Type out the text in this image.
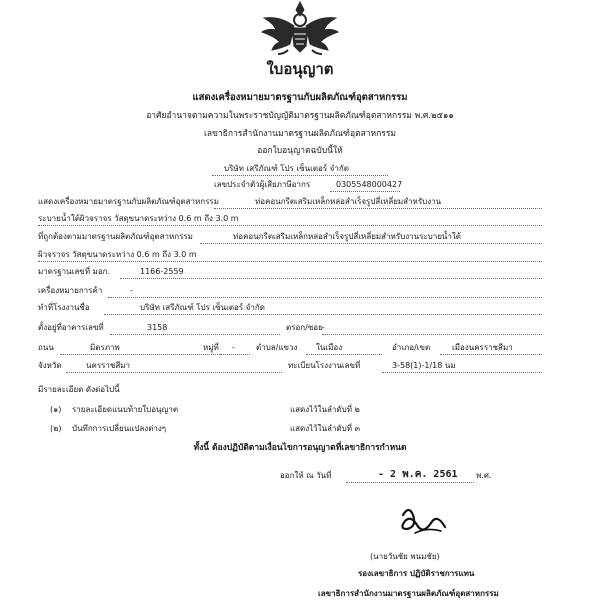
ใบอนุญาต
แสดงเครื่องหมายมาตรฐานกับผลิตภัณฑ์อุตสาหกรรม
อาศัยอำนาจตามความในพระราชบัญญัติมาตรฐานผลิตภัณฑ์อุตสาหกรรม พ.ศ.๒๕๑๑
เลขาธิการสำนักงานมาตรฐานผลิตภัณฑ์อุตสาหกรรม
ออกใบอนุญาตฉบับนี้ให้
บริษัท เสรีภัณฑ์ โปร เซ็นเตอร์ จำกัด
เลขประจำตัวผู้เสียภาษีอากร	0305548000427
แสดงเครื่องหมายมาตรฐานกับผลิตภัณฑ์อุตสาหกรรม	ท่อคอนกรีตเสริมเหล็กหล่อสำเร็จรูปสี่เหลี่ยมสำหรับงาน
ระบายน้ำใต้ผิวจราจร วัสดุขนาดระหว่าง 0.6 m ถึง 3.0 m
ที่ถูกต้องตามมาตรฐานผลิตภัณฑ์อุตสาหกรรม	ท่อคอนกรีตเสริมเหล็กหล่อสำเร็จรูปสี่เหลี่ยมสำหรับงานระบายน้ำใต้
ผิวจราจร วัสดุขนาดระหว่าง 0.6 m ถึง 3.0 m
มาตรฐานเลขที่ มอก.	1166-2559
เครื่องหมายการค้า	-
ทำที่โรงงานชื่อ	บริษัท เสรีภัณฑ์ โปร เซ็นเตอร์ จำกัด
ตั้งอยู่ที่อาคารเลขที่	3158	ตรอก/ซอย -
ถนน	มิตรภาพ	หมู่ที่ -	ตำบล/แขวง ในเมือง	อำเภอ/เขต	เมืองนครราชสีมา
จังหวัด	นครราชสีมา	ทะเบียนโรงงานเลขที่	3-58(1)-1/18 นม
มีรายละเอียด ดังต่อไปนี้
(๑) รายละเอียดแนบท้ายใบอนุญาต	แสดงไว้ในลำดับที่ ๒
(๒) บันทึกการเปลี่ยนแปลงต่างๆ	แสดงไว้ในลำดับที่ ๓
ทั้งนี้ ต้องปฏิบัติตามเงื่อนไขการอนุญาตที่เลขาธิการกำหนด
ออกให้ ณ วันที่	- 2 พ.ค. 2561 พ.ศ.
(นายวันชัย พนมชัย)
รองเลขาธิการ ปฏิบัติราชการแทน
เลขาธิการสำนักงานมาตรฐานผลิตภัณฑ์อุตสาหกรรม
